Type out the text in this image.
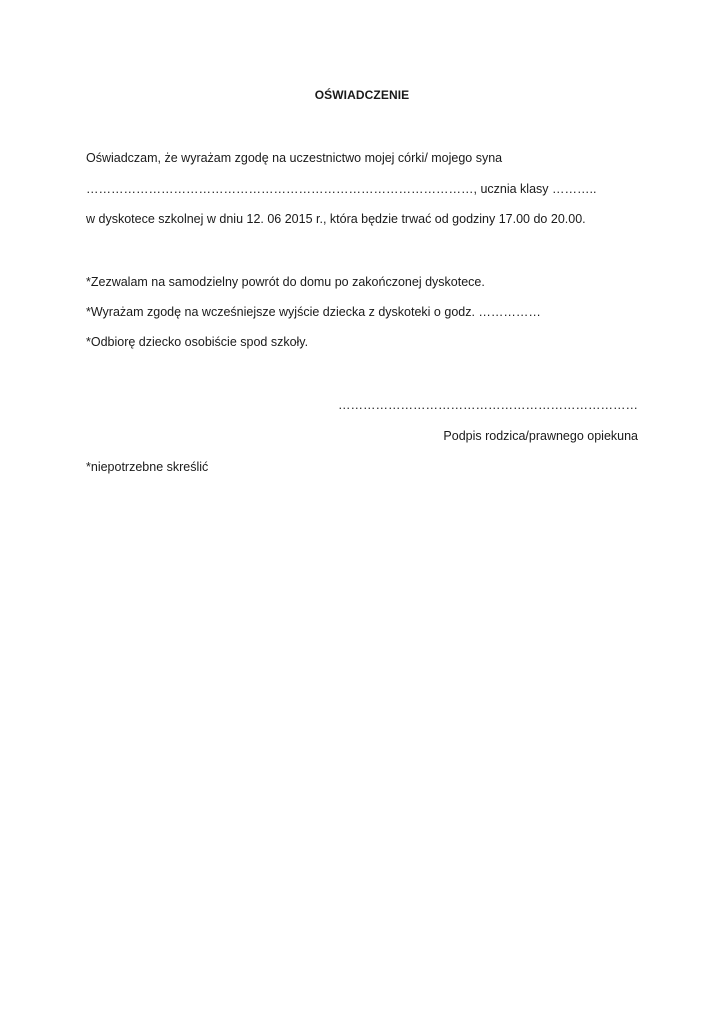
OŚWIADCZENIE
Oświadczam, że wyrażam zgodę na uczestnictwo mojej córki/ mojego syna
…………………………………………………………………………………, ucznia klasy ………..
w dyskotece szkolnej w dniu 12. 06 2015 r., która będzie trwać od godziny 17.00 do 20.00.
*Zezwalam na samodzielny powrót do domu po zakończonej dyskotece.
*Wyrażam zgodę na wcześniejsze wyjście dziecka z dyskoteki o godz. ……………
*Odbiorę dziecko osobiście spod szkoły.
………………………………………………………………
Podpis rodzica/prawnego opiekuna
*niepotrzebne skreślić
